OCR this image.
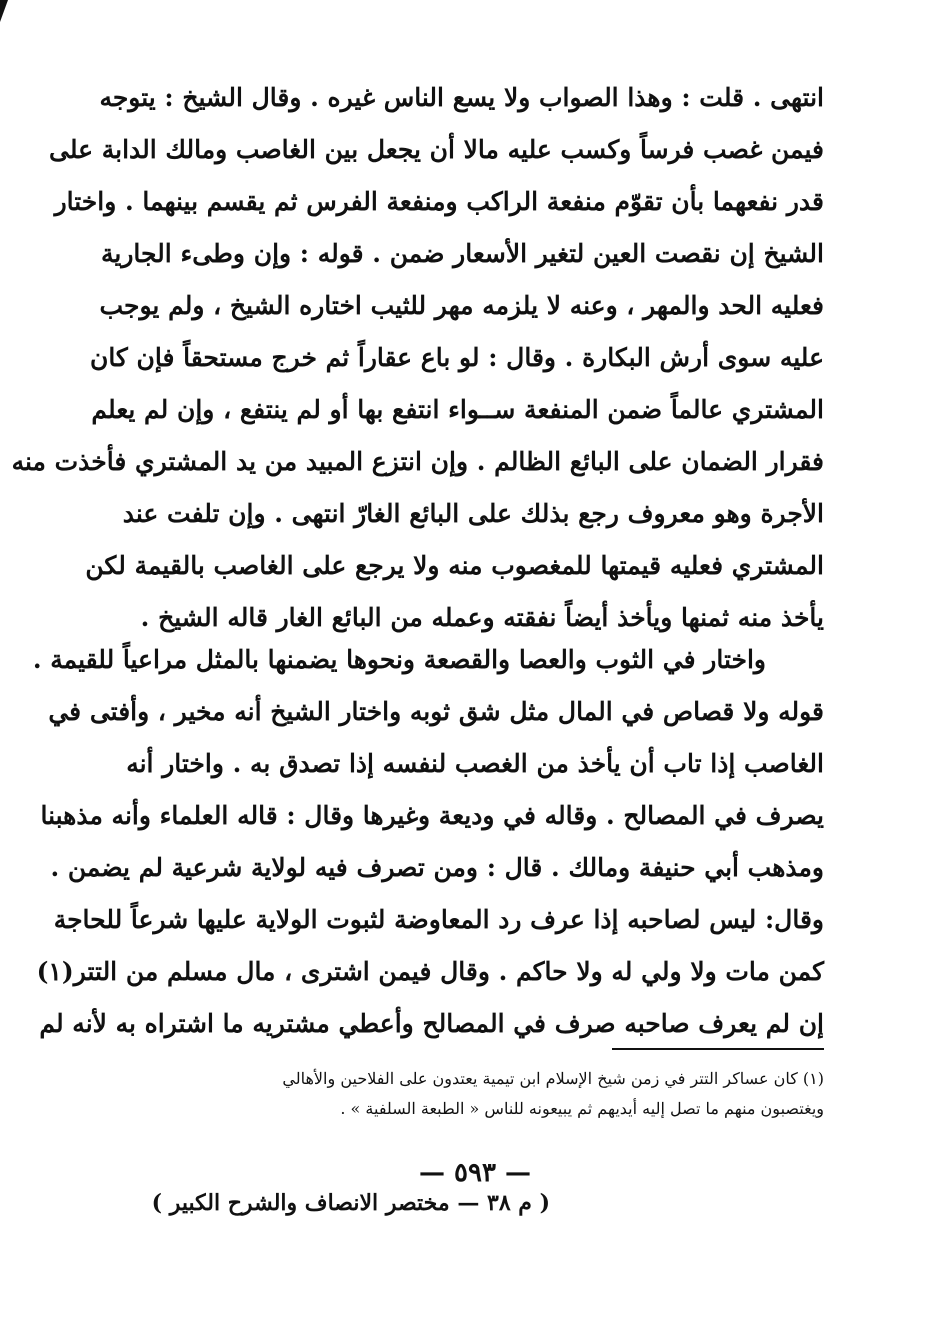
انتهى . قلت : وهذا الصواب ولا يسع الناس غيره . وقال الشيخ : يتوجه
فيمن غصب فرساً وكسب عليه مالا أن يجعل بين الغاصب ومالك الدابة على
قدر نفعهما بأن تقوّم منفعة الراكب ومنفعة الفرس ثم يقسم بينهما . واختار
الشيخ إن نقصت العين لتغير الأسعار ضمن . قوله : وإن وطىء الجارية
فعليه الحد والمهر ، وعنه لا يلزمه مهر للثيب اختاره الشيخ ، ولم يوجب
عليه سوى أرش البكارة . وقال : لو باع عقاراً ثم خرج مستحقاً فإن كان
المشتري عالماً ضمن المنفعة ســواء انتفع بها أو لم ينتفع ، وإن لم يعلم
فقرار الضمان على البائع الظالم . وإن انتزع المبيد من يد المشتري فأخذت منه
الأجرة وهو معروف رجع بذلك على البائع الغارّ انتهى . وإن تلفت عند
المشتري فعليه قيمتها للمغصوب منه ولا يرجع على الغاصب بالقيمة لكن
يأخذ منه ثمنها ويأخذ أيضاً نفقته وعمله من البائع الغار قاله الشيخ .
واختار في الثوب والعصا والقصعة ونحوها يضمنها بالمثل مراعياً للقيمة .
قوله ولا قصاص في المال مثل شق ثوبه واختار الشيخ أنه مخير ، وأفتى في
الغاصب إذا تاب أن يأخذ من الغصب لنفسه إذا تصدق به . واختار أنه
يصرف في المصالح . وقاله في وديعة وغيرها وقال : قاله العلماء وأنه مذهبنا
ومذهب أبي حنيفة ومالك . قال : ومن تصرف فيه لولاية شرعية لم يضمن .
وقال: ليس لصاحبه إذا عرف رد المعاوضة لثبوت الولاية عليها شرعاً للحاجة
كمن مات ولا ولي له ولا حاكم . وقال فيمن اشترى ، مال مسلم من التتر(١)
إن لم يعرف صاحبه صرف في المصالح وأعطي مشتريه ما اشتراه به لأنه لم
(١) كان عساكر التتر في زمن شيخ الإسلام ابن تيمية يعتدون على الفلاحين والأهالي
ويغتصبون منهم ما تصل إليه أيديهم ثم يبيعونه للناس « الطبعة السلفية » .
— ٥٩٣ —
( م ٣٨ — مختصر الانصاف والشرح الكبير )
